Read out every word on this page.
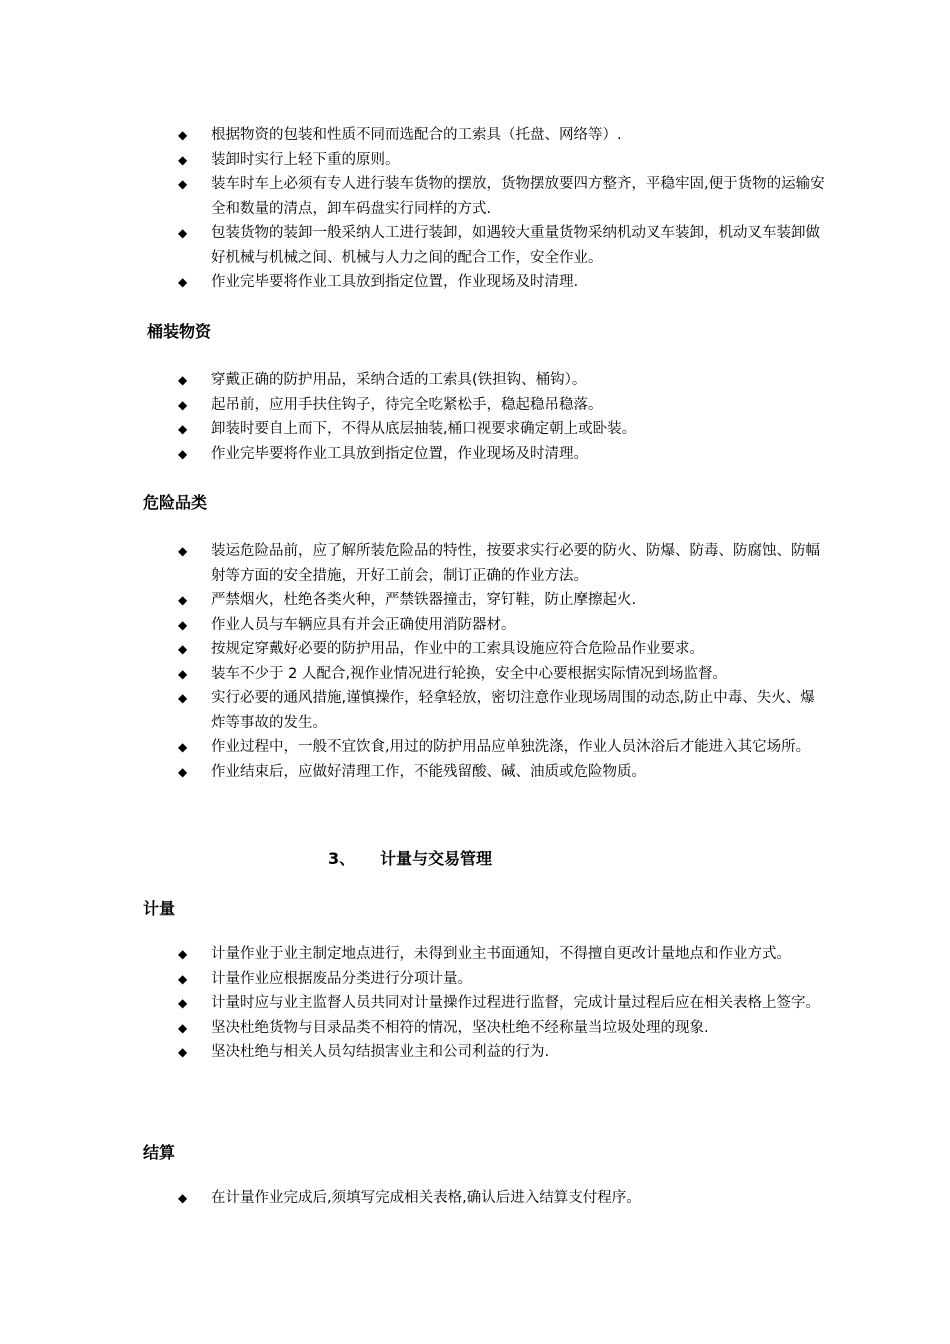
◆ 根据物资的包装和性质不同而选配合的工索具（托盘、网络等）.
◆ 装卸时实行上轻下重的原则。
◆ 装车时车上必须有专人进行装车货物的摆放，货物摆放要四方整齐，平稳牢固,便于货物的运输安全和数量的清点，卸车码盘实行同样的方式.
◆ 包装货物的装卸一般采纳人工进行装卸，如遇较大重量货物采纳机动叉车装卸，机动叉车装卸做好机械与机械之间、机械与人力之间的配合工作，安全作业。
◆ 作业完毕要将作业工具放到指定位置，作业现场及时清理.
桶装物资
◆ 穿戴正确的防护用品，采纳合适的工索具(铁担钩、桶钩）。
◆ 起吊前，应用手扶住钩子，待完全吃紧松手，稳起稳吊稳落。
◆ 卸装时要自上而下，不得从底层抽装,桶口视要求确定朝上或卧装。
◆ 作业完毕要将作业工具放到指定位置，作业现场及时清理。
危险品类
◆ 装运危险品前，应了解所装危险品的特性，按要求实行必要的防火、防爆、防毒、防腐蚀、防幅射等方面的安全措施，开好工前会，制订正确的作业方法。
◆ 严禁烟火，杜绝各类火种，严禁铁器撞击，穿钉鞋，防止摩擦起火.
◆ 作业人员与车辆应具有并会正确使用消防器材。
◆ 按规定穿戴好必要的防护用品，作业中的工索具设施应符合危险品作业要求。
◆ 装车不少于 2 人配合,视作业情况进行轮换，安全中心要根据实际情况到场监督。
◆ 实行必要的通风措施,谨慎操作，轻拿轻放，密切注意作业现场周围的动态,防止中毒、失火、爆炸等事故的发生。
◆ 作业过程中，一般不宜饮食,用过的防护用品应单独洗涤，作业人员沐浴后才能进入其它场所。
◆ 作业结束后，应做好清理工作，不能残留酸、碱、油质或危险物质。
3、 计量与交易管理
计量
◆ 计量作业于业主制定地点进行，未得到业主书面通知，不得擅自更改计量地点和作业方式。
◆ 计量作业应根据废品分类进行分项计量。
◆ 计量时应与业主监督人员共同对计量操作过程进行监督，完成计量过程后应在相关表格上签字。
◆ 坚决杜绝货物与目录品类不相符的情况，坚决杜绝不经称量当垃圾处理的现象.
◆ 坚决杜绝与相关人员勾结损害业主和公司利益的行为.
结算
◆ 在计量作业完成后,须填写完成相关表格,确认后进入结算支付程序。
